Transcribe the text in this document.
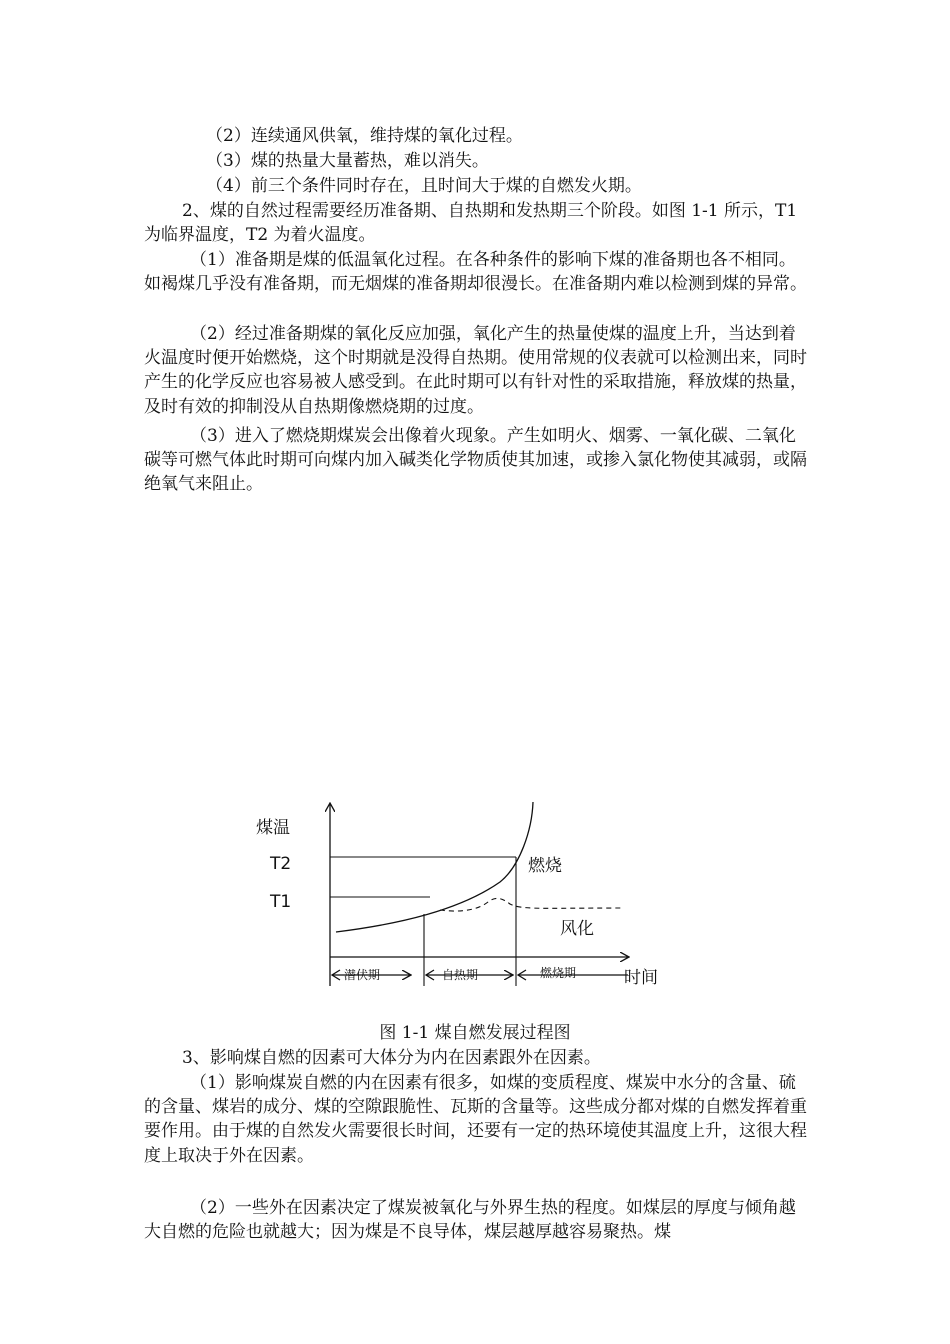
（2）连续通风供氧，维持煤的氧化过程。

（3）煤的热量大量蓄热，难以消失。

（4）前三个条件同时存在，且时间大于煤的自燃发火期。

2、煤的自然过程需要经历准备期、自热期和发热期三个阶段。如图 1-1 所示，T1 为临界温度，T2 为着火温度。

（1）准备期是煤的低温氧化过程。在各种条件的影响下煤的准备期也各不相同。如褐煤几乎没有准备期，而无烟煤的准备期却很漫长。在准备期内难以检测到煤的异常。

（2）经过准备期煤的氧化反应加强，氧化产生的热量使煤的温度上升，当达到着火温度时便开始燃烧，这个时期就是没得自热期。使用常规的仪表就可以检测出来，同时产生的化学反应也容易被人感受到。在此时期可以有针对性的采取措施，释放煤的热量，及时有效的抑制没从自热期像燃烧期的过度。

（3）进入了燃烧期煤炭会出像着火现象。产生如明火、烟雾、一氧化碳、二氧化碳等可燃气体此时期可向煤内加入碱类化学物质使其加速，或掺入氯化物使其减弱，或隔绝氧气来阻止。

煤温
T2
T1
燃烧
风化
时间
潜伏期	自热期	燃烧期
图 1-1 煤自燃发展过程图

3、影响煤自燃的因素可大体分为内在因素跟外在因素。

（1）影响煤炭自燃的内在因素有很多，如煤的变质程度、煤炭中水分的含量、硫的含量、煤岩的成分、煤的空隙跟脆性、瓦斯的含量等。这些成分都对煤的自燃发挥着重要作用。由于煤的自然发火需要很长时间，还要有一定的热环境使其温度上升，这很大程度上取决于外在因素。

（2）一些外在因素决定了煤炭被氧化与外界生热的程度。如煤层的厚度与倾角越大自燃的危险也就越大；因为煤是不良导体，煤层越厚越容易聚热。煤
